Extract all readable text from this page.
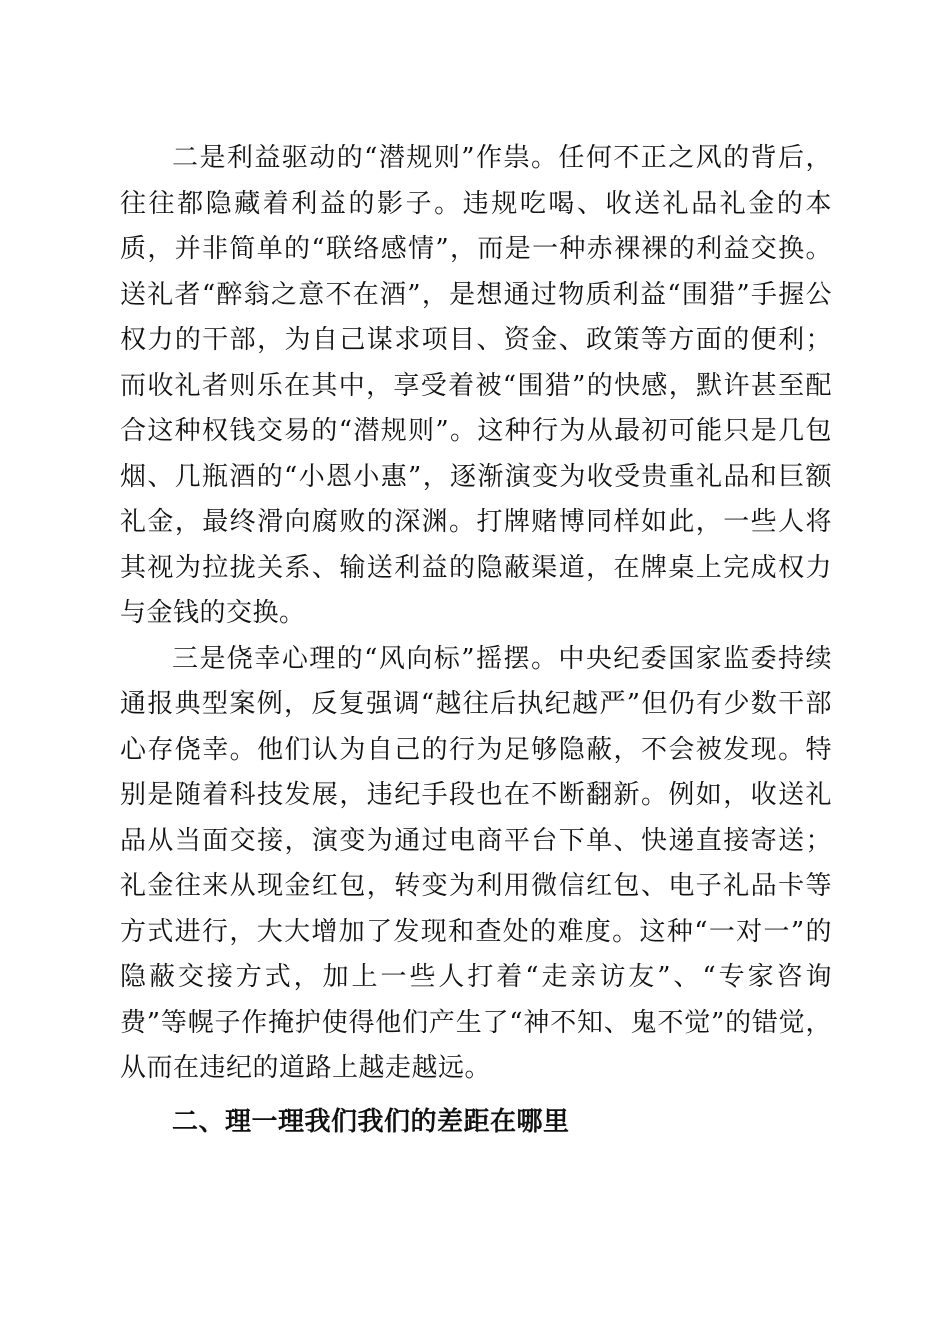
二是利益驱动的“潜规则”作祟。任何不正之风的背后，往往都隐藏着利益的影子。违规吃喝、收送礼品礼金的本质，并非简单的“联络感情”，而是一种赤裸裸的利益交换。送礼者“醉翁之意不在酒”，是想通过物质利益“围猎”手握公权力的干部，为自己谋求项目、资金、政策等方面的便利；而收礼者则乐在其中，享受着被“围猎”的快感，默许甚至配合这种权钱交易的“潜规则”。这种行为从最初可能只是几包烟、几瓶酒的“小恩小惠”，逐渐演变为收受贵重礼品和巨额礼金，最终滑向腐败的深渊。打牌赌博同样如此，一些人将其视为拉拢关系、输送利益的隐蔽渠道，在牌桌上完成权力与金钱的交换。

三是侥幸心理的“风向标”摇摆。中央纪委国家监委持续通报典型案例，反复强调“越往后执纪越严”但仍有少数干部心存侥幸。他们认为自己的行为足够隐蔽，不会被发现。特别是随着科技发展，违纪手段也在不断翻新。例如，收送礼品从当面交接，演变为通过电商平台下单、快递直接寄送；礼金往来从现金红包，转变为利用微信红包、电子礼品卡等方式进行，大大增加了发现和查处的难度。这种“一对一”的隐蔽交接方式，加上一些人打着“走亲访友”、“专家咨询费”等幌子作掩护使得他们产生了“神不知、鬼不觉”的错觉，从而在违纪的道路上越走越远。

二、理一理我们我们的差距在哪里
